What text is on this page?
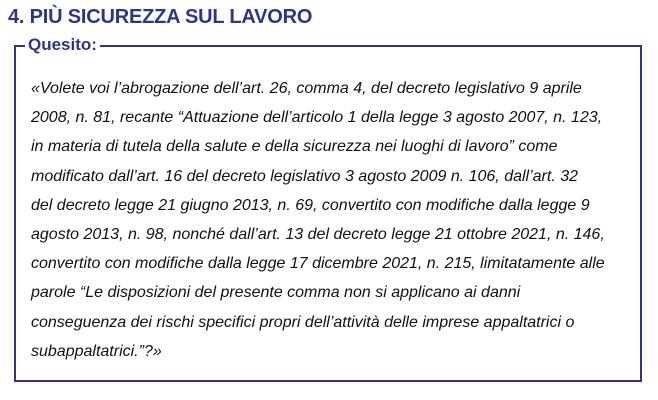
4. PIÙ SICUREZZA SUL LAVORO
Quesito:

«Volete voi l’abrogazione dell’art. 26, comma 4, del decreto legislativo 9 aprile
2008, n. 81, recante “Attuazione dell’articolo 1 della legge 3 agosto 2007, n. 123,
in materia di tutela della salute e della sicurezza nei luoghi di lavoro” come
modificato dall’art. 16 del decreto legislativo 3 agosto 2009 n. 106, dall’art. 32
del decreto legge 21 giugno 2013, n. 69, convertito con modifiche dalla legge 9
agosto 2013, n. 98, nonché dall’art. 13 del decreto legge 21 ottobre 2021, n. 146,
convertito con modifiche dalla legge 17 dicembre 2021, n. 215, limitatamente alle
parole “Le disposizioni del presente comma non si applicano ai danni
conseguenza dei rischi specifici propri dell’attività delle imprese appaltatrici o
subappaltatrici.”?»
